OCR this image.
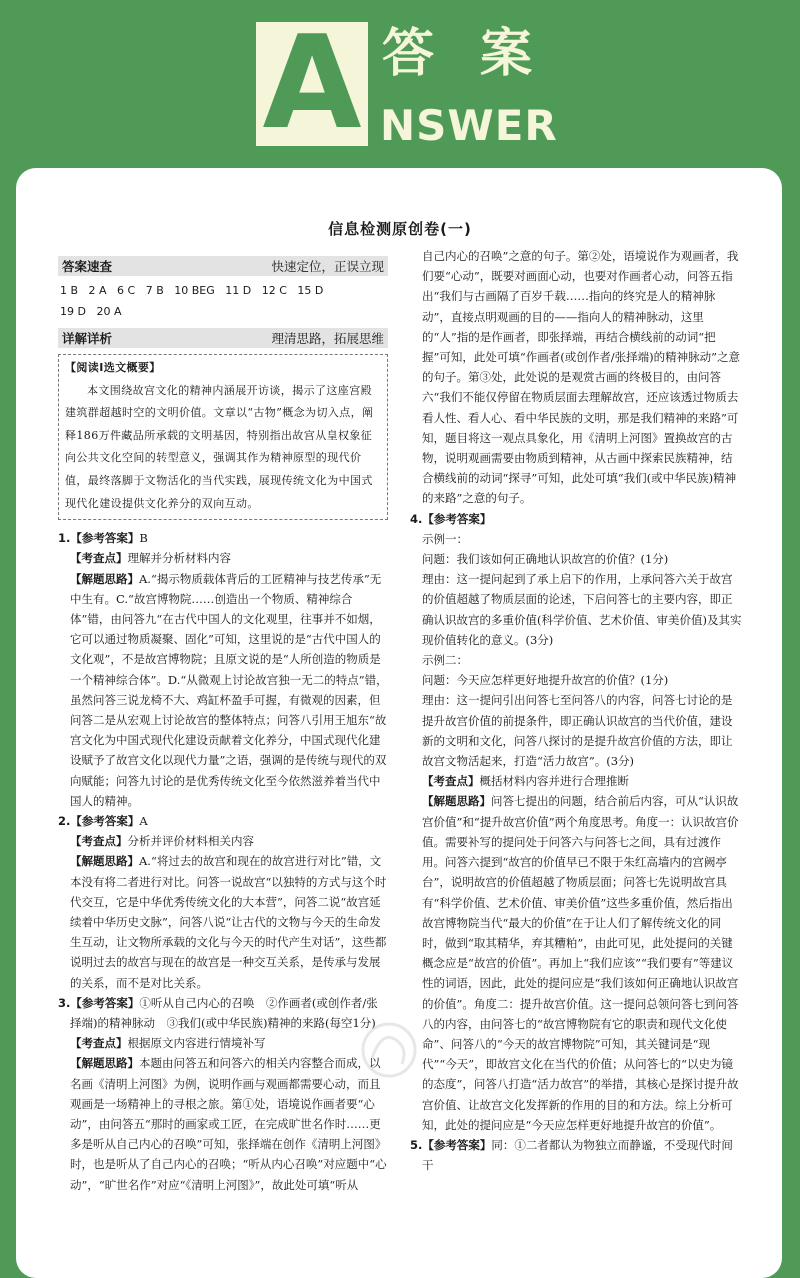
A 答案
NSWER
信息检测原创卷(一)
答案速查	快速定位，正误立现
1 B   2 A   6 C   7 B   10 BEG   11 D   12 C   15 D
19 D   20 A
详解详析	理清思路，拓展思维
【阅读Ⅰ选文概要】

本文围绕故宫文化的精神内涵展开访谈，揭示了这座宫殿建筑群超越时空的文明价值。文章以“古物”概念为切入点，阐释186万件藏品所承载的文明基因，特别指出故宫从皇权象征向公共文化空间的转型意义，强调其作为精神原型的现代价值，最终落脚于文物活化的当代实践，展现传统文化为中国式现代化建设提供文化养分的双向互动。

1.【参考答案】B

【考查点】理解并分析材料内容

【解题思路】A.“揭示物质载体背后的工匠精神与技艺传承”无中生有。C.“故宫博物院……创造出一个物质、精神综合体”错，由问答九“在古代中国人的文化观里，往事并不如烟，它可以通过物质凝聚、固化”可知，这里说的是“古代中国人的文化观”，不是故宫博物院；且原文说的是“人所创造的物质是一个精神综合体”。D.“从微观上讨论故宫独一无二的特点”错，虽然问答三说龙椅不大、鸡缸杯盈手可握，有微观的因素，但问答二是从宏观上讨论故宫的整体特点；问答八引用王旭东“故宫文化为中国式现代化建设贡献着文化养分，中国式现代化建设赋予了故宫文化以现代力量”之语，强调的是传统与现代的双向赋能；问答九讨论的是优秀传统文化至今依然滋养着当代中国人的精神。

2.【参考答案】A

【考查点】分析并评价材料相关内容

【解题思路】A.“将过去的故宫和现在的故宫进行对比”错，文本没有将二者进行对比。问答一说故宫“以独特的方式与这个时代交互，它是中华优秀传统文化的大本营”，问答二说“故宫延续着中华历史文脉”，问答八说“让古代的文物与今天的生命发生互动，让文物所承载的文化与今天的时代产生对话”，这些都说明过去的故宫与现在的故宫是一种交互关系，是传承与发展的关系，而不是对比关系。

3.【参考答案】①听从自己内心的召唤　②作画者(或创作者/张择端)的精神脉动　③我们(或中华民族)精神的来路(每空1分)

【考查点】根据原文内容进行情境补写

【解题思路】本题由问答五和问答六的相关内容整合而成，以名画《清明上河图》为例，说明作画与观画都需要心动，而且观画是一场精神上的寻根之旅。第①处，语境说作画者要“心动”，由问答五“那时的画家或工匠，在完成旷世名作时……更多是听从自己内心的召唤”可知，张择端在创作《清明上河图》时，也是听从了自己内心的召唤；“听从内心召唤”对应题中“心动”，“旷世名作”对应“《清明上河图》”，故此处可填“听从

自己内心的召唤”之意的句子。第②处，语境说作为观画者，我们要“心动”，既要对画面心动，也要对作画者心动，问答五指出“我们与古画隔了百岁千载……指向的终究是人的精神脉动”，直接点明观画的目的——指向人的精神脉动，这里的“人”指的是作画者，即张择端，再结合横线前的动词“把握”可知，此处可填“作画者(或创作者/张择端)的精神脉动”之意的句子。第③处，此处说的是观赏古画的终极目的，由问答六“我们不能仅停留在物质层面去理解故宫，还应该透过物质去看人性、看人心、看中华民族的文明，那是我们精神的来路”可知，题目将这一观点具象化，用《清明上河图》置换故宫的古物，说明观画需要由物质到精神，从古画中探索民族精神，结合横线前的动词“探寻”可知，此处可填“我们(或中华民族)精神的来路”之意的句子。

4.【参考答案】

示例一：

问题：我们该如何正确地认识故宫的价值？(1分)

理由：这一提问起到了承上启下的作用，上承问答六关于故宫的价值超越了物质层面的论述，下启问答七的主要内容，即正确认识故宫的多重价值(科学价值、艺术价值、审美价值)及其实现价值转化的意义。(3分)

示例二：

问题：今天应怎样更好地提升故宫的价值？(1分)

理由：这一提问引出问答七至问答八的内容，问答七讨论的是提升故宫价值的前提条件，即正确认识故宫的当代价值，建设新的文明和文化，问答八探讨的是提升故宫价值的方法，即让故宫文物活起来，打造“活力故宫”。(3分)

【考查点】概括材料内容并进行合理推断

【解题思路】问答七提出的问题，结合前后内容，可从“认识故宫价值”和“提升故宫价值”两个角度思考。角度一：认识故宫价值。需要补写的提问处于问答六与问答七之间，具有过渡作用。问答六提到“故宫的价值早已不限于朱红高墙内的宫阙亭台”，说明故宫的价值超越了物质层面；问答七先说明故宫具有“科学价值、艺术价值、审美价值”这些多重价值，然后指出故宫博物院当代“最大的价值”在于让人们了解传统文化的同时，做到“取其精华，弃其糟粕”，由此可见，此处提问的关键概念应是“故宫的价值”。再加上“我们应该”“我们要有”等建议性的词语，因此，此处的提问应是“我们该如何正确地认识故宫的价值”。角度二：提升故宫价值。这一提问总领问答七到问答八的内容，由问答七的“故宫博物院有它的职责和现代文化使命”、问答八的“今天的故宫博物院”可知，其关键词是“现代”“今天”，即故宫文化在当代的价值；从问答七的“以史为镜的态度”，问答八打造“活力故宫”的举措，其核心是探讨提升故宫价值、让故宫文化发挥新的作用的目的和方法。综上分析可知，此处的提问应是“今天应怎样更好地提升故宫的价值”。

5.【参考答案】同：①二者都认为物独立而静谧，不受现代时间干
